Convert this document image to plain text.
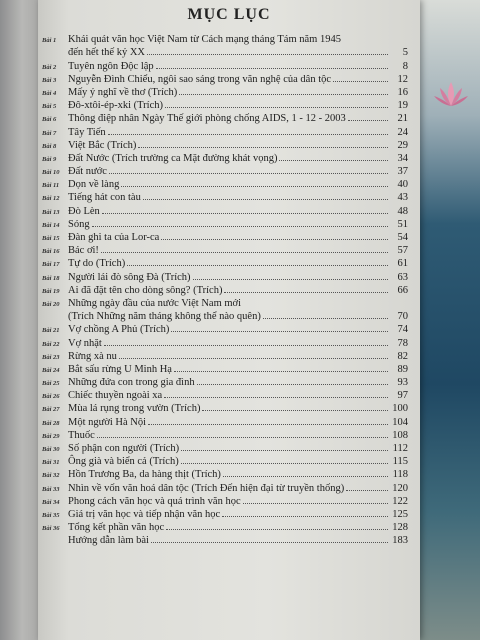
MỤC LỤC
Bài 1	Khái quát văn học Việt Nam từ Cách mạng tháng Tám năm 1945
đến hết thế kỷ XX	5
Bài 2	Tuyên ngôn Độc lập	8
Bài 3	Nguyễn Đình Chiểu, ngôi sao sáng trong văn nghệ của dân tộc	12
Bài 4	Mấy ý nghĩ về thơ (Trích)	16
Bài 5	Đô-xtôi-ép-xki (Trích)	19
Bài 6	Thông điệp nhân Ngày Thế giới phòng chống AIDS, 1 - 12 - 2003	21
Bài 7	Tây Tiến	24
Bài 8	Việt Bắc (Trích)	29
Bài 9	Đất Nước (Trích trường ca Mặt đường khát vọng)	34
Bài 10 Đất nước	37
Bài 11 Dọn về làng	40
Bài 12 Tiếng hát con tàu	43
Bài 13 Đò Lèn	48
Bài 14 Sóng	51
Bài 15 Đàn ghi ta của Lor-ca	54
Bài 16 Bác ơi!	57
Bài 17 Tự do (Trích)	61
Bài 18 Người lái đò sông Đà (Trích)	63
Bài 19 Ai đã đặt tên cho dòng sông? (Trích)	66
Bài 20 Những ngày đầu của nước Việt Nam mới
(Trích Những năm tháng không thể nào quên)	70
Bài 21 Vợ chồng A Phủ (Trích)	74
Bài 22 Vợ nhặt	78
Bài 23 Rừng xà nu	82
Bài 24 Bắt sấu rừng U Minh Hạ	89
Bài 25 Những đứa con trong gia đình	93
Bài 26 Chiếc thuyền ngoài xa	97
Bài 27 Mùa lá rụng trong vườn (Trích)	100
Bài 28 Một người Hà Nội	104
Bài 29 Thuốc	108
Bài 30 Số phận con người (Trích)	112
Bài 31 Ông già và biển cả (Trích)	115
Bài 32 Hồn Trương Ba, da hàng thịt (Trích)	118
Bài 33 Nhìn về vốn văn hoá dân tộc (Trích Đến hiện đại từ truyền thống)	120
Bài 34 Phong cách văn học và quá trình văn học	122
Bài 35 Giá trị văn học và tiếp nhận văn học	125
Bài 36 Tổng kết phần văn học	128
Hướng dẫn làm bài	183
